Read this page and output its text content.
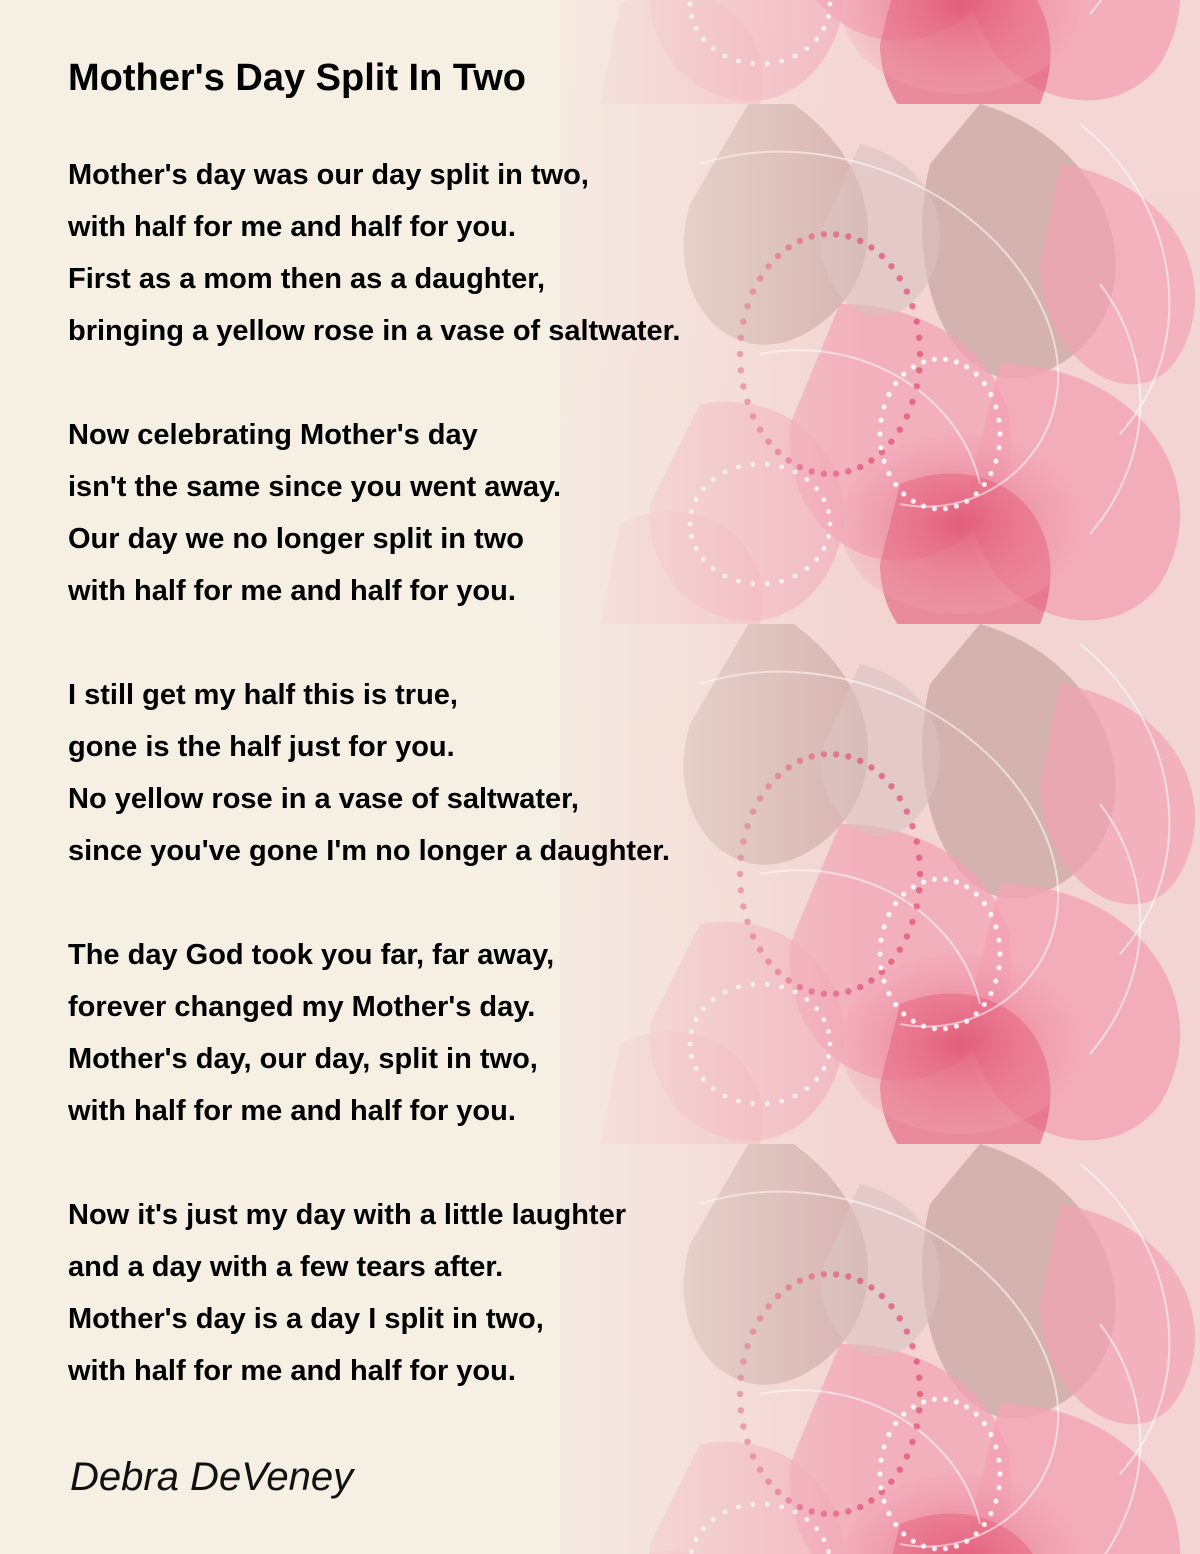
Mother's Day Split In Two
Mother's day was our day split in two,
with half for me and half for you.
First as a mom then as a daughter,
bringing a yellow rose in a vase of saltwater.
Now celebrating Mother's day
isn't the same since you went away.
Our day we no longer split in two
with half for me and half for you.
I still get my half this is true,
gone is the half just for you.
No yellow rose in a vase of saltwater,
since you've gone I'm no longer a daughter.
The day God took you far, far away,
forever changed my Mother's day.
Mother's day, our day, split in two,
with half for me and half for you.
Now it's just my day with a little laughter
and a day with a few tears after.
Mother's day is a day I split in two,
with half for me and half for you.

Debra DeVeney
